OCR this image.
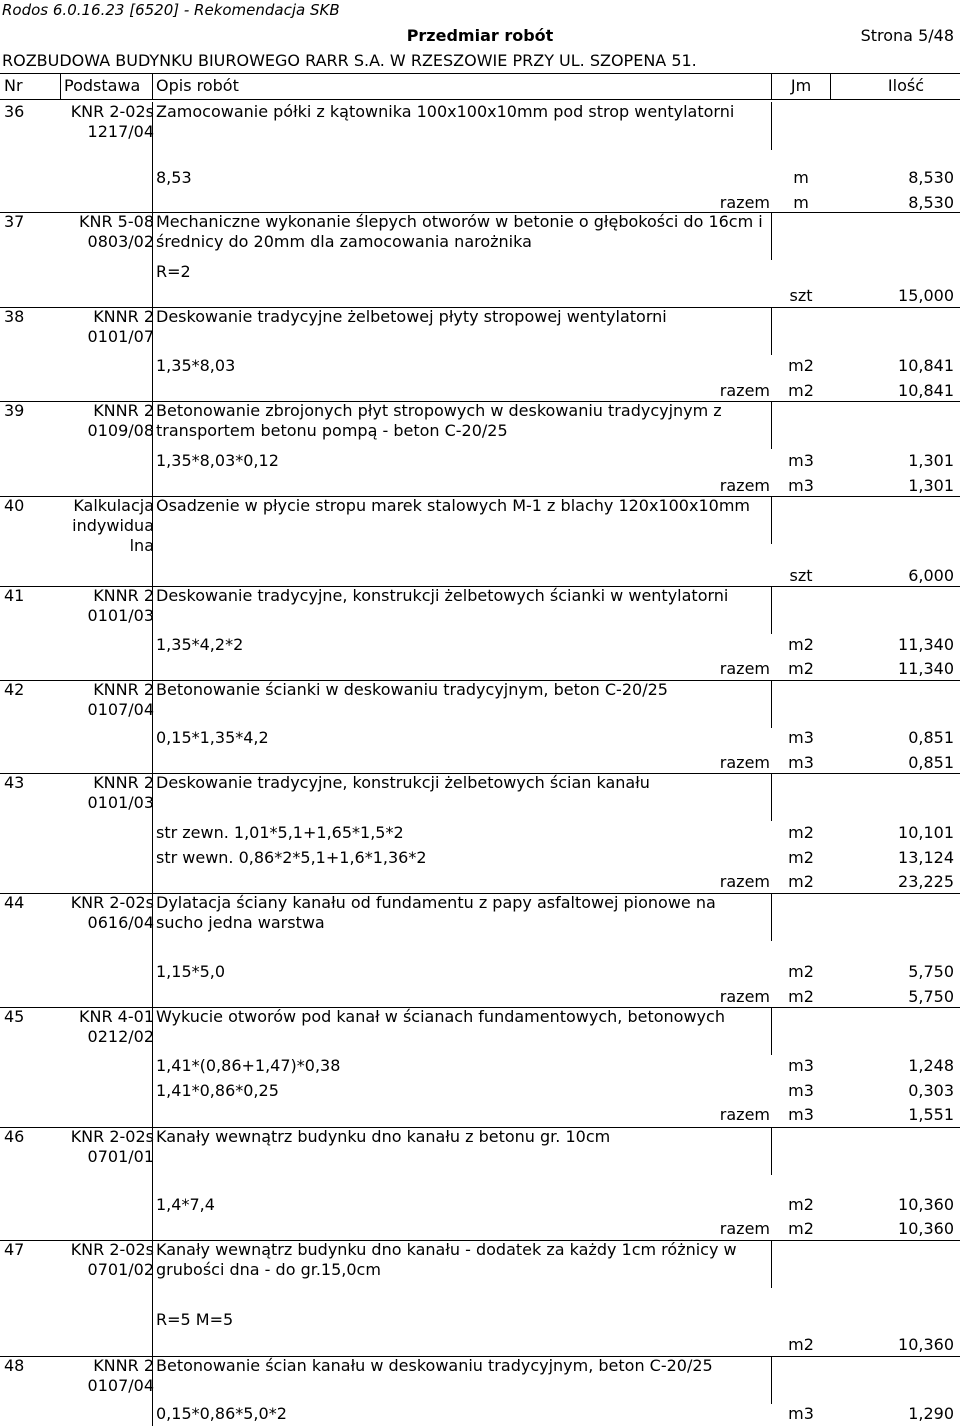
Rodos 6.0.16.23 [6520] - Rekomendacja SKB
Przedmiar robót	Strona 5/48
ROZBUDOWA BUDYNKU BIUROWEGO RARR S.A. W RZESZOWIE PRZY UL. SZOPENA 51.
Nr	Podstawa Opis robót	Jm	Ilość
36	KNR 2-02s 1217/04
Zamocowanie półki z kątownika 100x100x10mm pod strop wentylatorni
8,53	m	8,530
razem	m	8,530
37	KNR 5-08 0803/02
Mechaniczne wykonanie ślepych otworów w betonie o głębokości do 16cm i średnicy do 20mm dla zamocowania narożnika
R=2
szt	15,000
38	KNNR 2 0101/07
Deskowanie tradycyjne żelbetowej płyty stropowej wentylatorni
1,35*8,03	m2	10,841
razem	m2	10,841
39	KNNR 2 0109/08
Betonowanie zbrojonych płyt stropowych w deskowaniu tradycyjnym z transportem betonu pompą - beton C-20/25
1,35*8,03*0,12	m3	1,301
razem	m3	1,301
40	Kalkulacja indywidua lna
Osadzenie w płycie stropu marek stalowych M-1 z blachy 120x100x10mm
szt	6,000
41	KNNR 2 0101/03
Deskowanie tradycyjne, konstrukcji żelbetowych ścianki w wentylatorni
1,35*4,2*2	m2	11,340
razem	m2	11,340
42	KNNR 2 0107/04
Betonowanie ścianki w deskowaniu tradycyjnym, beton C-20/25
0,15*1,35*4,2	m3	0,851
razem	m3	0,851
43	KNNR 2 0101/03
Deskowanie tradycyjne, konstrukcji żelbetowych ścian kanału
str zewn. 1,01*5,1+1,65*1,5*2	m2	10,101
str wewn. 0,86*2*5,1+1,6*1,36*2	m2	13,124
razem	m2	23,225
44	KNR 2-02s 0616/04
Dylatacja ściany kanału od fundamentu z papy asfaltowej pionowe na sucho jedna warstwa
1,15*5,0	m2	5,750
razem	m2	5,750
45	KNR 4-01 0212/02
Wykucie otworów pod kanał w ścianach fundamentowych, betonowych
1,41*(0,86+1,47)*0,38	m3	1,248
1,41*0,86*0,25	m3	0,303
razem	m3	1,551
46	KNR 2-02s 0701/01
Kanały wewnątrz budynku dno kanału z betonu gr. 10cm
1,4*7,4	m2	10,360
razem	m2	10,360
47	KNR 2-02s 0701/02
Kanały wewnątrz budynku dno kanału - dodatek za każdy 1cm różnicy w grubości dna - do gr.15,0cm
R=5 M=5
m2	10,360
48	KNNR 2 0107/04
Betonowanie ścian kanału w deskowaniu tradycyjnym, beton C-20/25
0,15*0,86*5,0*2	m3	1,290
